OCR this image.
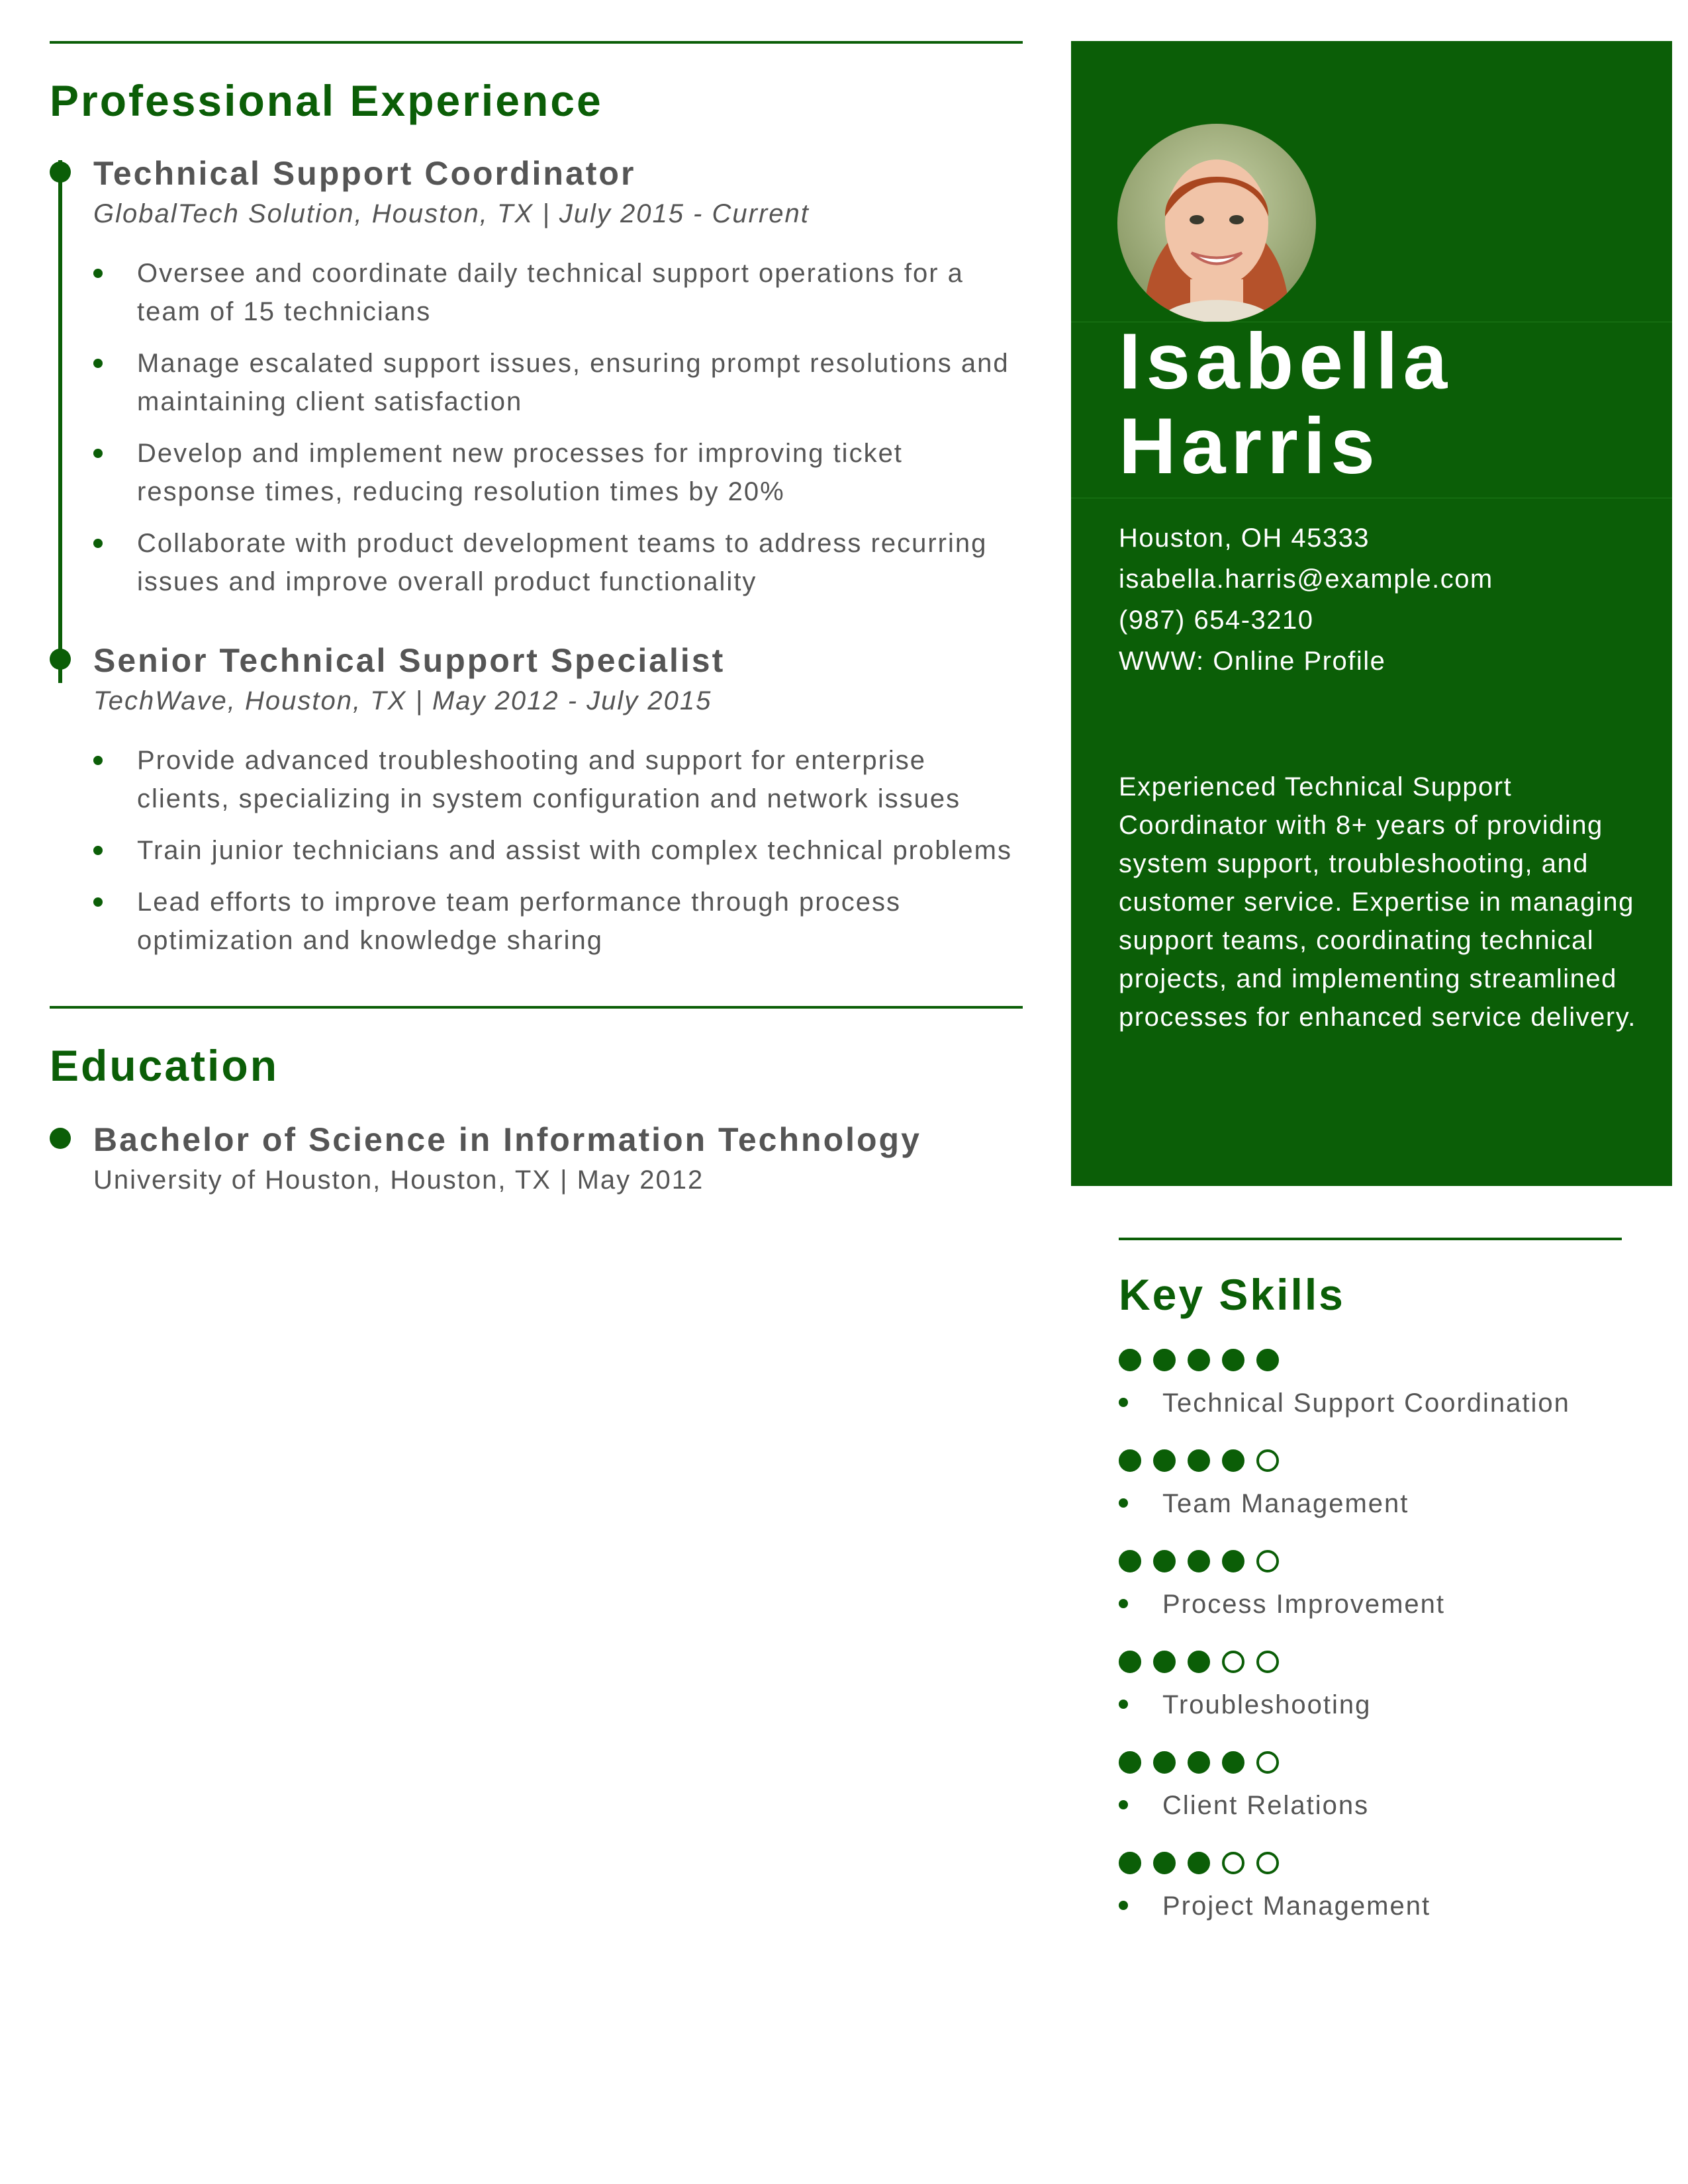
Professional Experience
Technical Support Coordinator
GlobalTech Solution, Houston, TX | July 2015 - Current
Oversee and coordinate daily technical support operations for a team of 15 technicians
Manage escalated support issues, ensuring prompt resolutions and maintaining client satisfaction
Develop and implement new processes for improving ticket response times, reducing resolution times by 20%
Collaborate with product development teams to address recurring issues and improve overall product functionality
Senior Technical Support Specialist
TechWave, Houston, TX | May 2012 - July 2015
Provide advanced troubleshooting and support for enterprise clients, specializing in system configuration and network issues
Train junior technicians and assist with complex technical problems
Lead efforts to improve team performance through process optimization and knowledge sharing
Education
Bachelor of Science in Information Technology
University of Houston, Houston, TX | May 2012
Isabella
Harris
Houston, OH 45333
isabella.harris@example.com
(987) 654-3210
WWW: Online Profile
Experienced Technical Support Coordinator with 8+ years of providing system support, troubleshooting, and customer service. Expertise in managing support teams, coordinating technical projects, and implementing streamlined processes for enhanced service delivery.
Key Skills
Technical Support Coordination
Team Management
Process Improvement
Troubleshooting
Client Relations
Project Management
